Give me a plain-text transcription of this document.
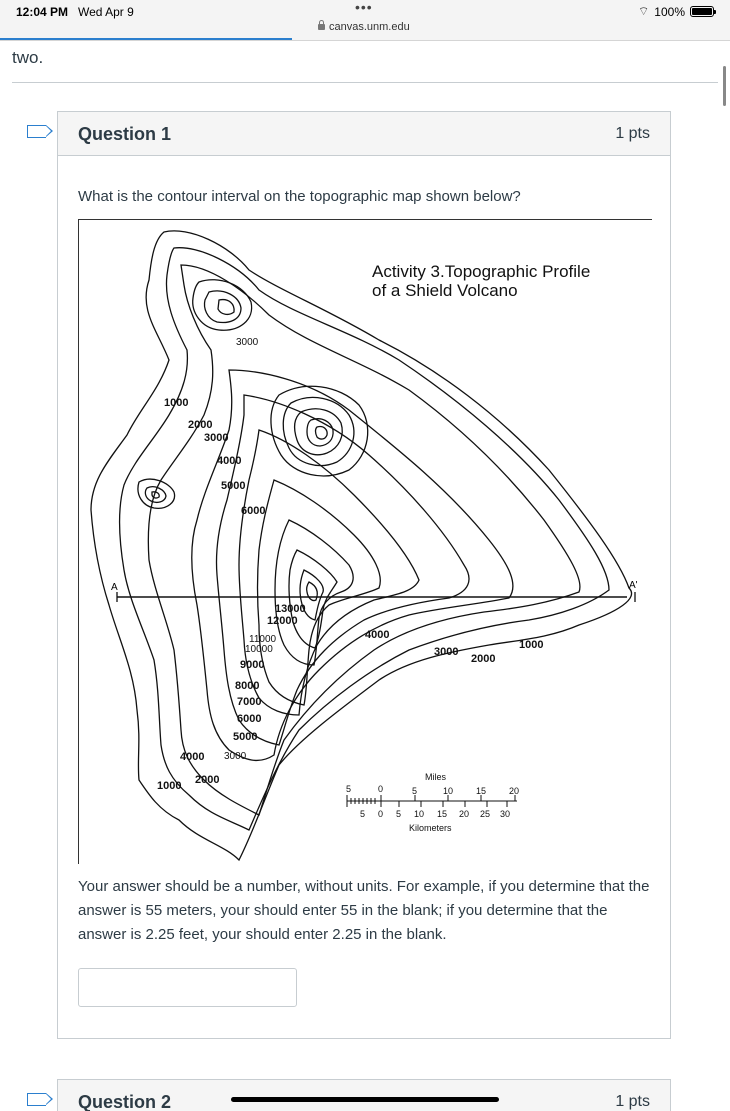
12:04 PM Wed Apr 9	•••
canvas.unm.edu
⌔ 100%
two.
Question 1	1 pts
What is the contour interval on the topographic map shown below?
A	A'
Activity 3.Topographic Profile
of a Shield Volcano
3000
1000
2000
3000
4000
5000
6000
13000
12000
11000
10000
9000
8000
7000
6000
5000
4000 3000
2000
1000
4000
3000
2000
1000
Miles
5	0	5	10	15	20
5 0 5 10 15 20 25 30
Kilometers
Your answer should be a number, without units. For example, if you determine that the answer is 55 meters, your should enter 55 in the blank; if you determine that the answer is 2.25 feet, your should enter 2.25 in the blank.
Question 2	1 pts
